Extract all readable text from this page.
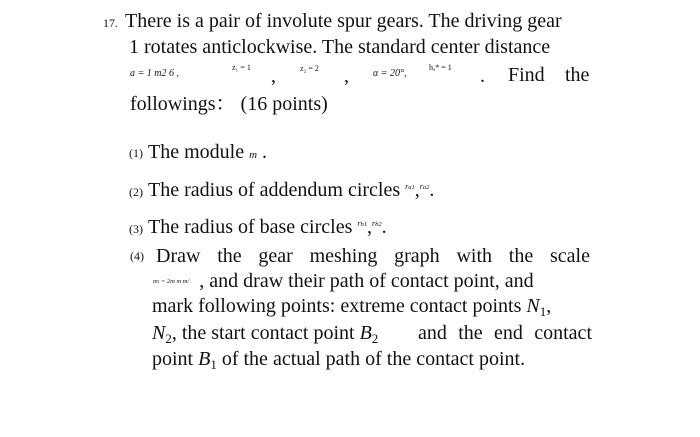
17. There is a pair of involute spur gears. The driving gear
1 rotates anticlockwise. The standard center distance
a = 1 m2 6 ,
z₁ = 1 ,	z₂ = 2 , α = 20°,
hₐ* = 1 . Find the
followings： (16 points)
(1) The module m .
(2) The radius of addendum circles $^{ra1}$,$^{ra2}$.
(3) The radius of base circles $^{rb1}$,$^{rb2}$.
(4) Draw the gear meshing graph with the scale
$^{m_l = 2m m m/}$ , and draw their path of contact point, and
mark following points: extreme contact points $N_1$,
$N_2$, the start contact point $B_2$ and the end contact
point $B_1$ of the actual path of the contact point.
